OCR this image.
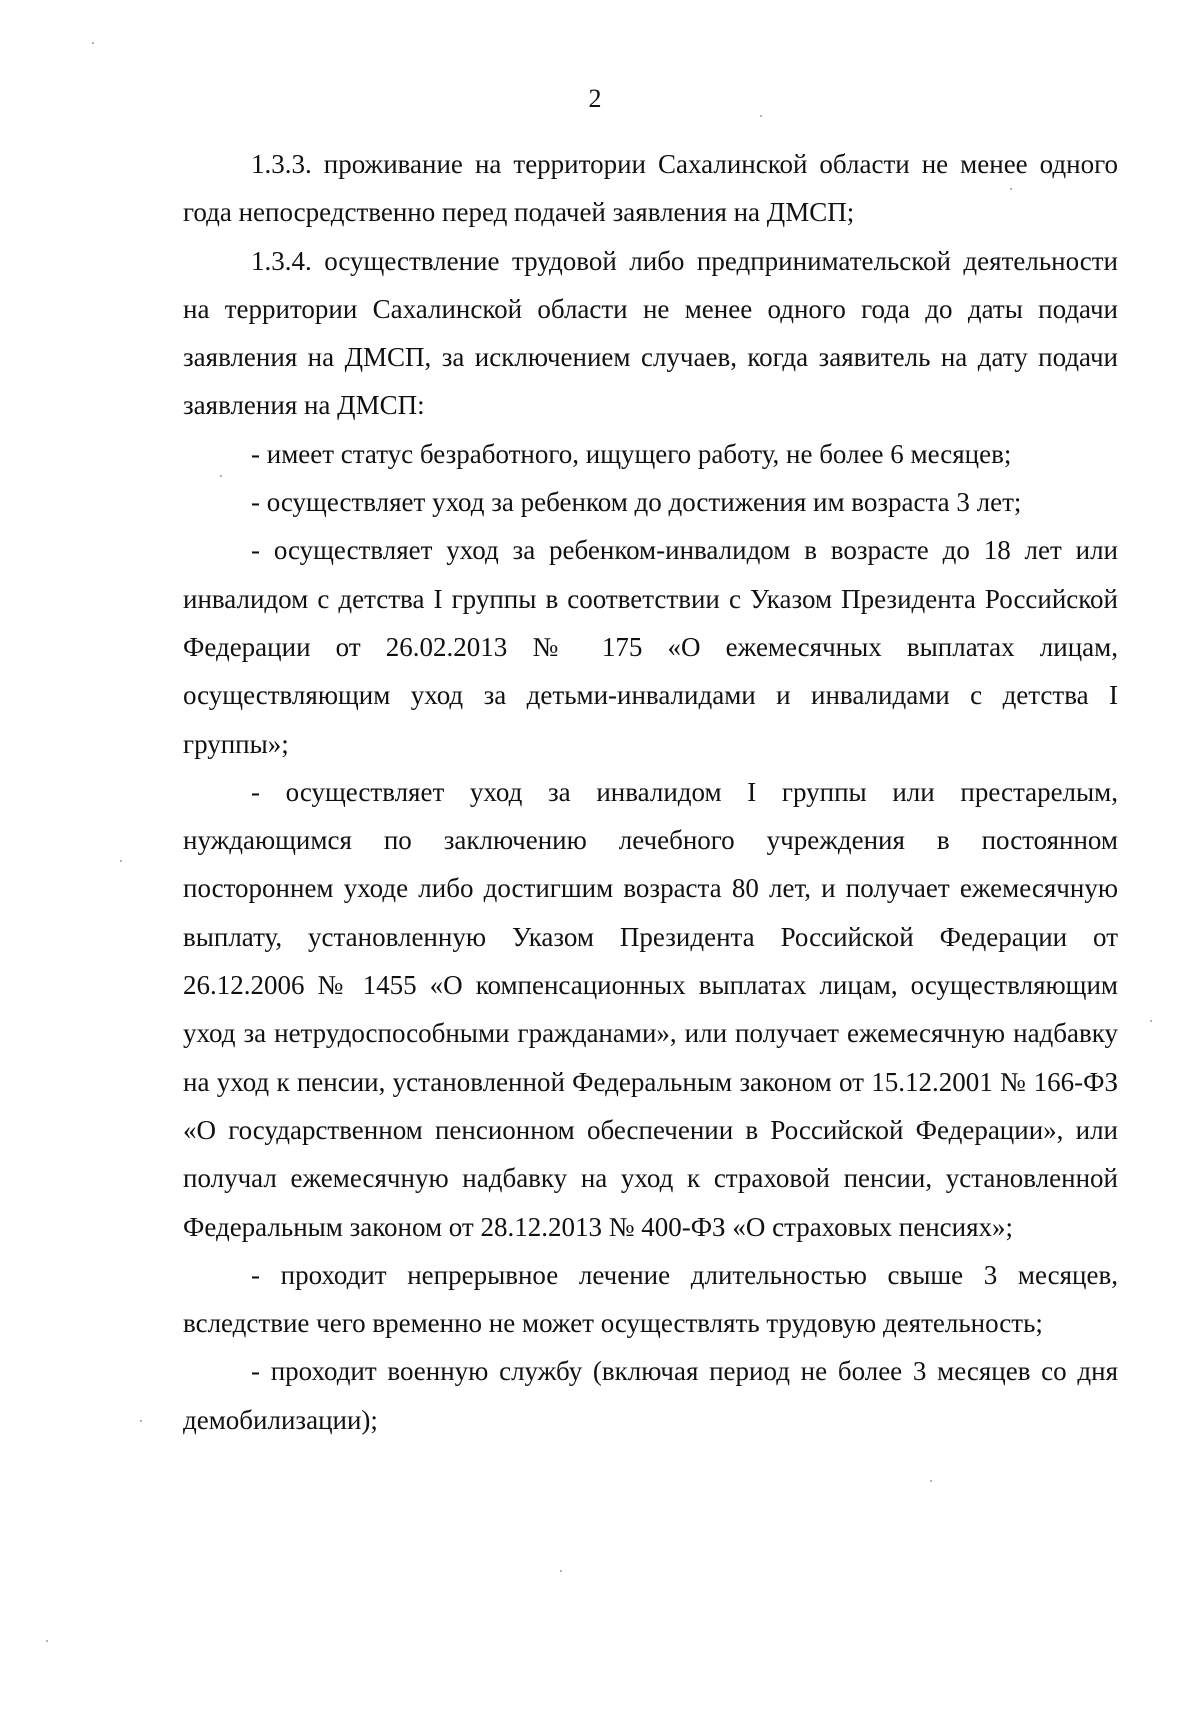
2

1.3.3. проживание на территории Сахалинской области не менее одного года непосредственно перед подачей заявления на ДМСП;

1.3.4. осуществление трудовой либо предпринимательской деятельности на территории Сахалинской области не менее одного года до даты подачи заявления на ДМСП, за исключением случаев, когда заявитель на дату подачи заявления на ДМСП:

- имеет статус безработного, ищущего работу, не более 6 месяцев;

- осуществляет уход за ребенком до достижения им возраста 3 лет;

- осуществляет уход за ребенком-инвалидом в возрасте до 18 лет или инвалидом с детства I группы в соответствии с Указом Президента Российской Федерации от 26.02.2013 № 175 «О ежемесячных выплатах лицам, осуществляющим уход за детьми-инвалидами и инвалидами с детства I группы»;

- осуществляет уход за инвалидом I группы или престарелым, нуждающимся по заключению лечебного учреждения в постоянном постороннем уходе либо достигшим возраста 80 лет, и получает ежемесячную выплату, установленную Указом Президента Российской Федерации от 26.12.2006 № 1455 «О компенсационных выплатах лицам, осуществляющим уход за нетрудоспособными гражданами», или получает ежемесячную надбавку на уход к пенсии, установленной Федеральным законом от 15.12.2001 № 166-ФЗ «О государственном пенсионном обеспечении в Российской Федерации», или получал ежемесячную надбавку на уход к страховой пенсии, установленной Федеральным законом от 28.12.2013 № 400-ФЗ «О страховых пенсиях»;

- проходит непрерывное лечение длительностью свыше 3 месяцев, вследствие чего временно не может осуществлять трудовую деятельность;

- проходит военную службу (включая период не более 3 месяцев со дня демобилизации);
